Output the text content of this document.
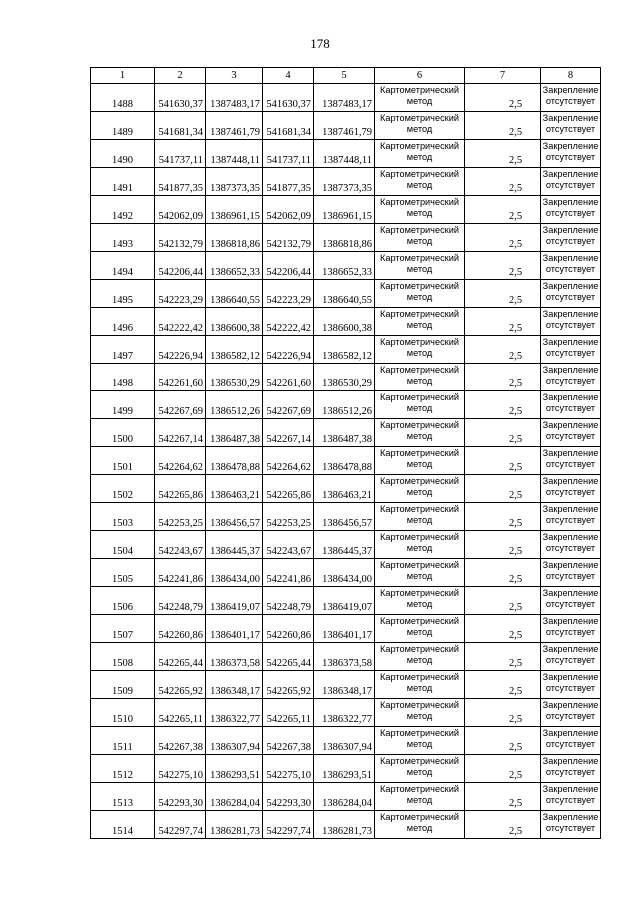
178
1	2	3	4	5	6	7	8
1488	541630,37	1387483,17	541630,37	1387483,17	Картометрический метод	2,5	Закрепление отсутствует
1489	541681,34	1387461,79	541681,34	1387461,79	Картометрический метод	2,5	Закрепление отсутствует
1490	541737,11	1387448,11	541737,11	1387448,11	Картометрический метод	2,5	Закрепление отсутствует
1491	541877,35	1387373,35	541877,35	1387373,35	Картометрический метод	2,5	Закрепление отсутствует
1492	542062,09	1386961,15	542062,09	1386961,15	Картометрический метод	2,5	Закрепление отсутствует
1493	542132,79	1386818,86	542132,79	1386818,86	Картометрический метод	2,5	Закрепление отсутствует
1494	542206,44	1386652,33	542206,44	1386652,33	Картометрический метод	2,5	Закрепление отсутствует
1495	542223,29	1386640,55	542223,29	1386640,55	Картометрический метод	2,5	Закрепление отсутствует
1496	542222,42	1386600,38	542222,42	1386600,38	Картометрический метод	2,5	Закрепление отсутствует
1497	542226,94	1386582,12	542226,94	1386582,12	Картометрический метод	2,5	Закрепление отсутствует
1498	542261,60	1386530,29	542261,60	1386530,29	Картометрический метод	2,5	Закрепление отсутствует
1499	542267,69	1386512,26	542267,69	1386512,26	Картометрический метод	2,5	Закрепление отсутствует
1500	542267,14	1386487,38	542267,14	1386487,38	Картометрический метод	2,5	Закрепление отсутствует
1501	542264,62	1386478,88	542264,62	1386478,88	Картометрический метод	2,5	Закрепление отсутствует
1502	542265,86	1386463,21	542265,86	1386463,21	Картометрический метод	2,5	Закрепление отсутствует
1503	542253,25	1386456,57	542253,25	1386456,57	Картометрический метод	2,5	Закрепление отсутствует
1504	542243,67	1386445,37	542243,67	1386445,37	Картометрический метод	2,5	Закрепление отсутствует
1505	542241,86	1386434,00	542241,86	1386434,00	Картометрический метод	2,5	Закрепление отсутствует
1506	542248,79	1386419,07	542248,79	1386419,07	Картометрический метод	2,5	Закрепление отсутствует
1507	542260,86	1386401,17	542260,86	1386401,17	Картометрический метод	2,5	Закрепление отсутствует
1508	542265,44	1386373,58	542265,44	1386373,58	Картометрический метод	2,5	Закрепление отсутствует
1509	542265,92	1386348,17	542265,92	1386348,17	Картометрический метод	2,5	Закрепление отсутствует
1510	542265,11	1386322,77	542265,11	1386322,77	Картометрический метод	2,5	Закрепление отсутствует
1511	542267,38	1386307,94	542267,38	1386307,94	Картометрический метод	2,5	Закрепление отсутствует
1512	542275,10	1386293,51	542275,10	1386293,51	Картометрический метод	2,5	Закрепление отсутствует
1513	542293,30	1386284,04	542293,30	1386284,04	Картометрический метод	2,5	Закрепление отсутствует
1514	542297,74	1386281,73	542297,74	1386281,73	Картометрический метод	2,5	Закрепление отсутствует
